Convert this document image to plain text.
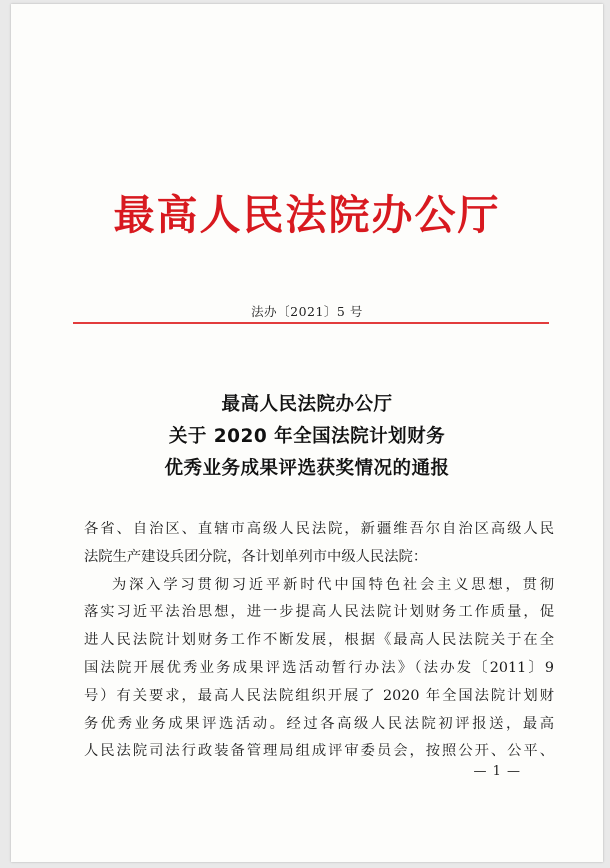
最高人民法院办公厅
法办〔2021〕5 号
最高人民法院办公厅
关于 2020 年全国法院计划财务
优秀业务成果评选获奖情况的通报
各省、自治区、直辖市高级人民法院，新疆维吾尔自治区高级人民
法院生产建设兵团分院，各计划单列市中级人民法院：
为深入学习贯彻习近平新时代中国特色社会主义思想，贯彻
落实习近平法治思想，进一步提高人民法院计划财务工作质量，促
进人民法院计划财务工作不断发展，根据《最高人民法院关于在全
国法院开展优秀业务成果评选活动暂行办法》（法办发〔2011〕9
号）有关要求，最高人民法院组织开展了 2020 年全国法院计划财
务优秀业务成果评选活动。经过各高级人民法院初评报送，最高
人民法院司法行政装备管理局组成评审委员会，按照公开、公平、
— 1 —
